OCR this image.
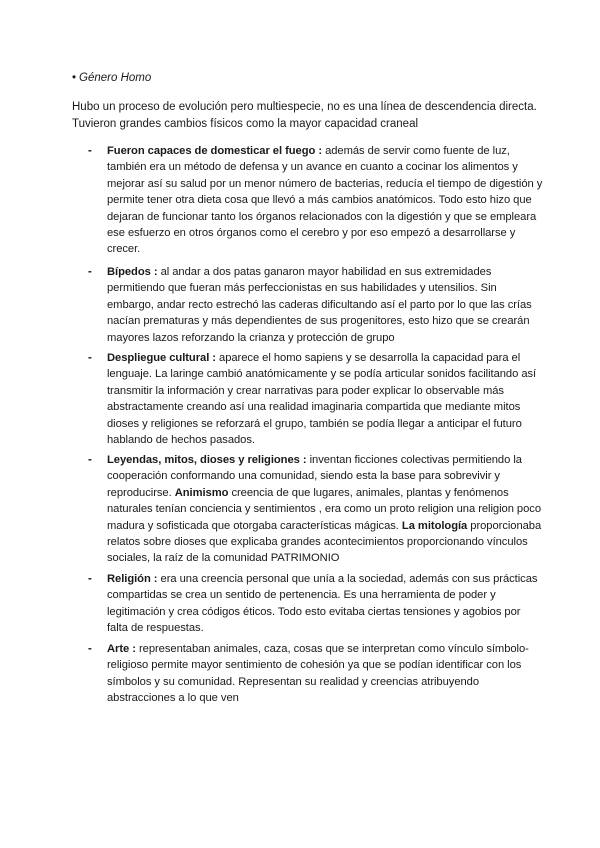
• Género Homo
Hubo un proceso de evolución pero multiespecie, no es una línea de descendencia directa. Tuvieron grandes cambios físicos como la mayor capacidad craneal
- Fueron capaces de domesticar el fuego : además de servir como fuente de luz, también era un método de defensa y un avance en cuanto a cocinar los alimentos y mejorar así su salud por un menor número de bacterias, reducía el tiempo de digestión y permite tener otra dieta cosa que llevó a más cambios anatómicos. Todo esto hizo que dejaran de funcionar tanto los órganos relacionados con la digestión y que se empleara ese esfuerzo en otros órganos como el cerebro y por eso empezó a desarrollarse y crecer.
- Bípedos : al andar a dos patas ganaron mayor habilidad en sus extremidades permitiendo que fueran más perfeccionistas en sus habilidades y utensilios. Sin embargo, andar recto estrechó las caderas dificultando así el parto por lo que las crías nacían prematuras y más dependientes de sus progenitores, esto hizo que se crearán mayores lazos reforzando la crianza y protección de grupo
- Despliegue cultural : aparece el homo sapiens y se desarrolla la capacidad para el lenguaje. La laringe cambió anatómicamente y se podía articular sonidos facilitando así transmitir la información y crear narrativas para poder explicar lo observable más abstractamente creando así una realidad imaginaria compartida que mediante mitos dioses y religiones se reforzará el grupo, también se podía llegar a anticipar el futuro hablando de hechos pasados.
- Leyendas, mitos, dioses y religiones : inventan ficciones colectivas permitiendo la cooperación conformando una comunidad, siendo esta la base para sobrevivir y reproducirse. Animismo creencia de que lugares, animales, plantas y fenómenos naturales tenían conciencia y sentimientos , era como un proto religion una religion poco madura y sofisticada que otorgaba características mágicas. La mitología proporcionaba relatos sobre dioses que explicaba grandes acontecimientos proporcionando vínculos sociales, la raíz de la comunidad PATRIMONIO
- Religión : era una creencia personal que unía a la sociedad, además con sus prácticas compartidas se crea un sentido de pertenencia. Es una herramienta de poder y legitimación y crea códigos éticos. Todo esto evitaba ciertas tensiones y agobios por falta de respuestas.
- Arte : representaban animales, caza, cosas que se interpretan como vínculo símbolo-religioso permite mayor sentimiento de cohesión ya que se podían identificar con los símbolos y su comunidad. Representan su realidad y creencias atribuyendo abstracciones a lo que ven
